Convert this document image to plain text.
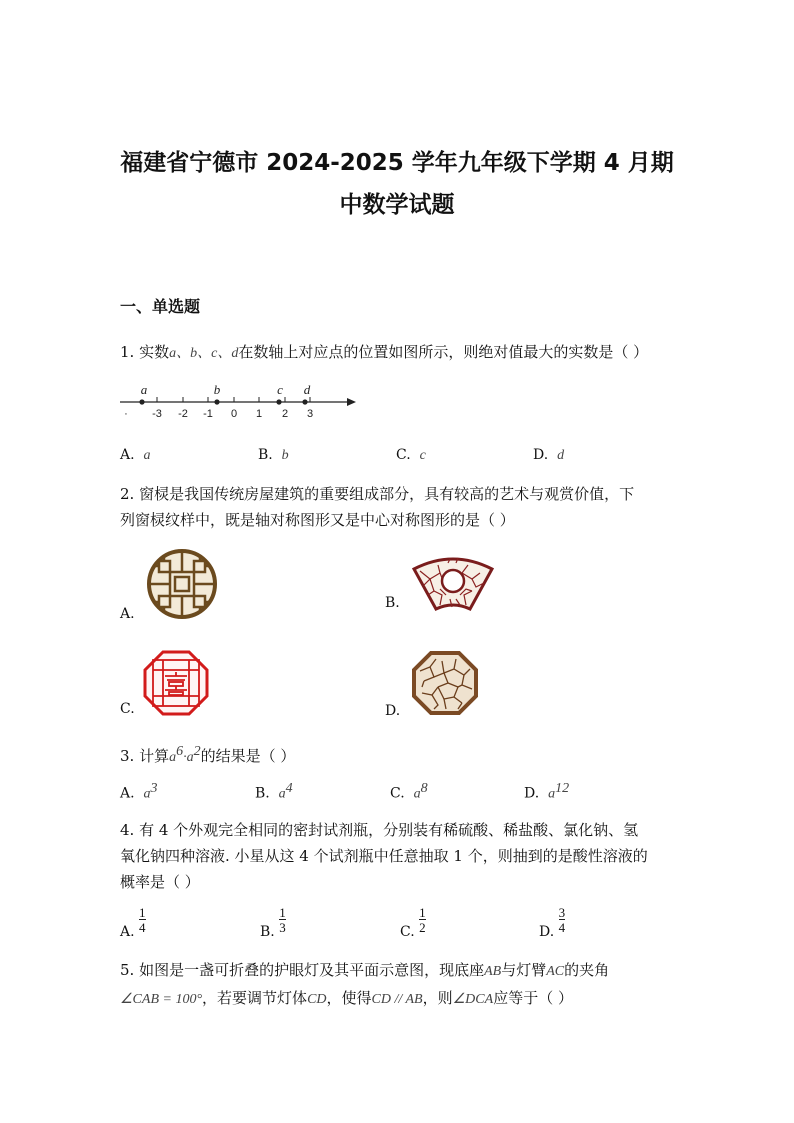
福建省宁德市 2024-2025 学年九年级下学期 4 月期
中数学试题
一、单选题
1. 实数a、b、c、d在数轴上对应点的位置如图所示，则绝对值最大的实数是（ ）
-3 -2 -1 0 1 2 3
·
a	b	c d
A. a	B. b	C. c	D. d
2. 窗棂是我国传统房屋建筑的重要组成部分，具有较高的艺术与观赏价值，下
列窗棂纹样中，既是轴对称图形又是中心对称图形的是（ ）
A.
B.
C.	D.
3. 计算$a^6\cdot a^2$的结果是（ ）
A. $a^3$	B. $a^4$	C. $a^8$	D. $a^{12}$
4. 有 4 个外观完全相同的密封试剂瓶，分别装有稀硫酸、稀盐酸、氯化钠、氢
氧化钠四种溶液. 小星从这 4 个试剂瓶中任意抽取 1 个，则抽到的是酸性溶液的
概率是（ ）
A. $\frac{1}{4}$	B. $\frac{1}{3}$	C. $\frac{1}{2}$	D. $\frac{3}{4}$
5. 如图是一盏可折叠的护眼灯及其平面示意图，现底座AB与灯臂AC的夹角
∠CAB = 100°，若要调节灯体CD，使得CD // AB，则∠DCA应等于（ ）
